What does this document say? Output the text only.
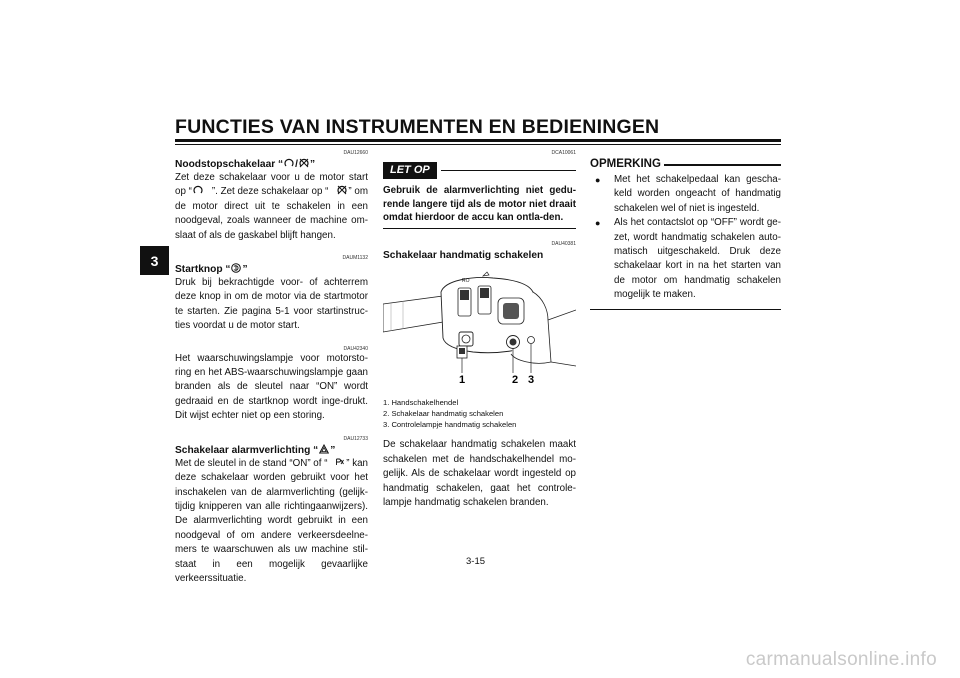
FUNCTIES VAN INSTRUMENTEN EN BEDIENINGEN
3
DAU12660
Noodstopschakelaar “ / ”
Zet deze schakelaar voor u de motor start
op “	”. Zet deze schakelaar op “	” om
de motor direct uit te schakelen in een noodgeval, zoals wanneer de machine om-slaat of als de gaskabel blijft hangen.
DAUM1132
Startknop “ ”
Druk bij bekrachtigde voor- of achterrem deze knop in om de motor via de startmotor te starten. Zie pagina 5-1 voor startinstruc-ties voordat u de motor start.
DAU42340
Het waarschuwingslampje voor motorsto-ring en het ABS-waarschuwingslampje gaan branden als de sleutel naar “ON” wordt gedraaid en de startknop wordt inge-drukt. Dit wijst echter niet op een storing.
DAU12733
Schakelaar alarmverlichting “ ”
Met de sleutel in de stand “ON” of “	” kan
deze schakelaar worden gebruikt voor het inschakelen van de alarmverlichting (gelijk-tijdig knipperen van alle richtingaanwijzers). De alarmverlichting wordt gebruikt in een noodgeval of om andere verkeersdeelne-mers te waarschuwen als uw machine stil-staat in een mogelijk gevaarlijke verkeerssituatie.
DCA10061
LET OP
Gebruik de alarmverlichting niet gedu-rende langere tijd als de motor niet draait omdat hierdoor de accu kan ontla-den.
DAU40381
Schakelaar handmatig schakelen
RO
1	2 3
1. Handschakelhendel
2. Schakelaar handmatig schakelen
3. Controlelampje handmatig schakelen
De schakelaar handmatig schakelen maakt schakelen met de handschakelhendel mo-gelijk. Als de schakelaar wordt ingesteld op handmatig schakelen, gaat het controle-lampje handmatig schakelen branden.
OPMERKING
●	Met het schakelpedaal kan gescha-keld worden ongeacht of handmatig schakelen wel of niet is ingesteld.
●	Als het contactslot op “OFF” wordt ge-zet, wordt handmatig schakelen auto-matisch uitgeschakeld. Druk deze schakelaar kort in na het starten van de motor om handmatig schakelen mogelijk te maken.
3-15
carmanualsonline.info
